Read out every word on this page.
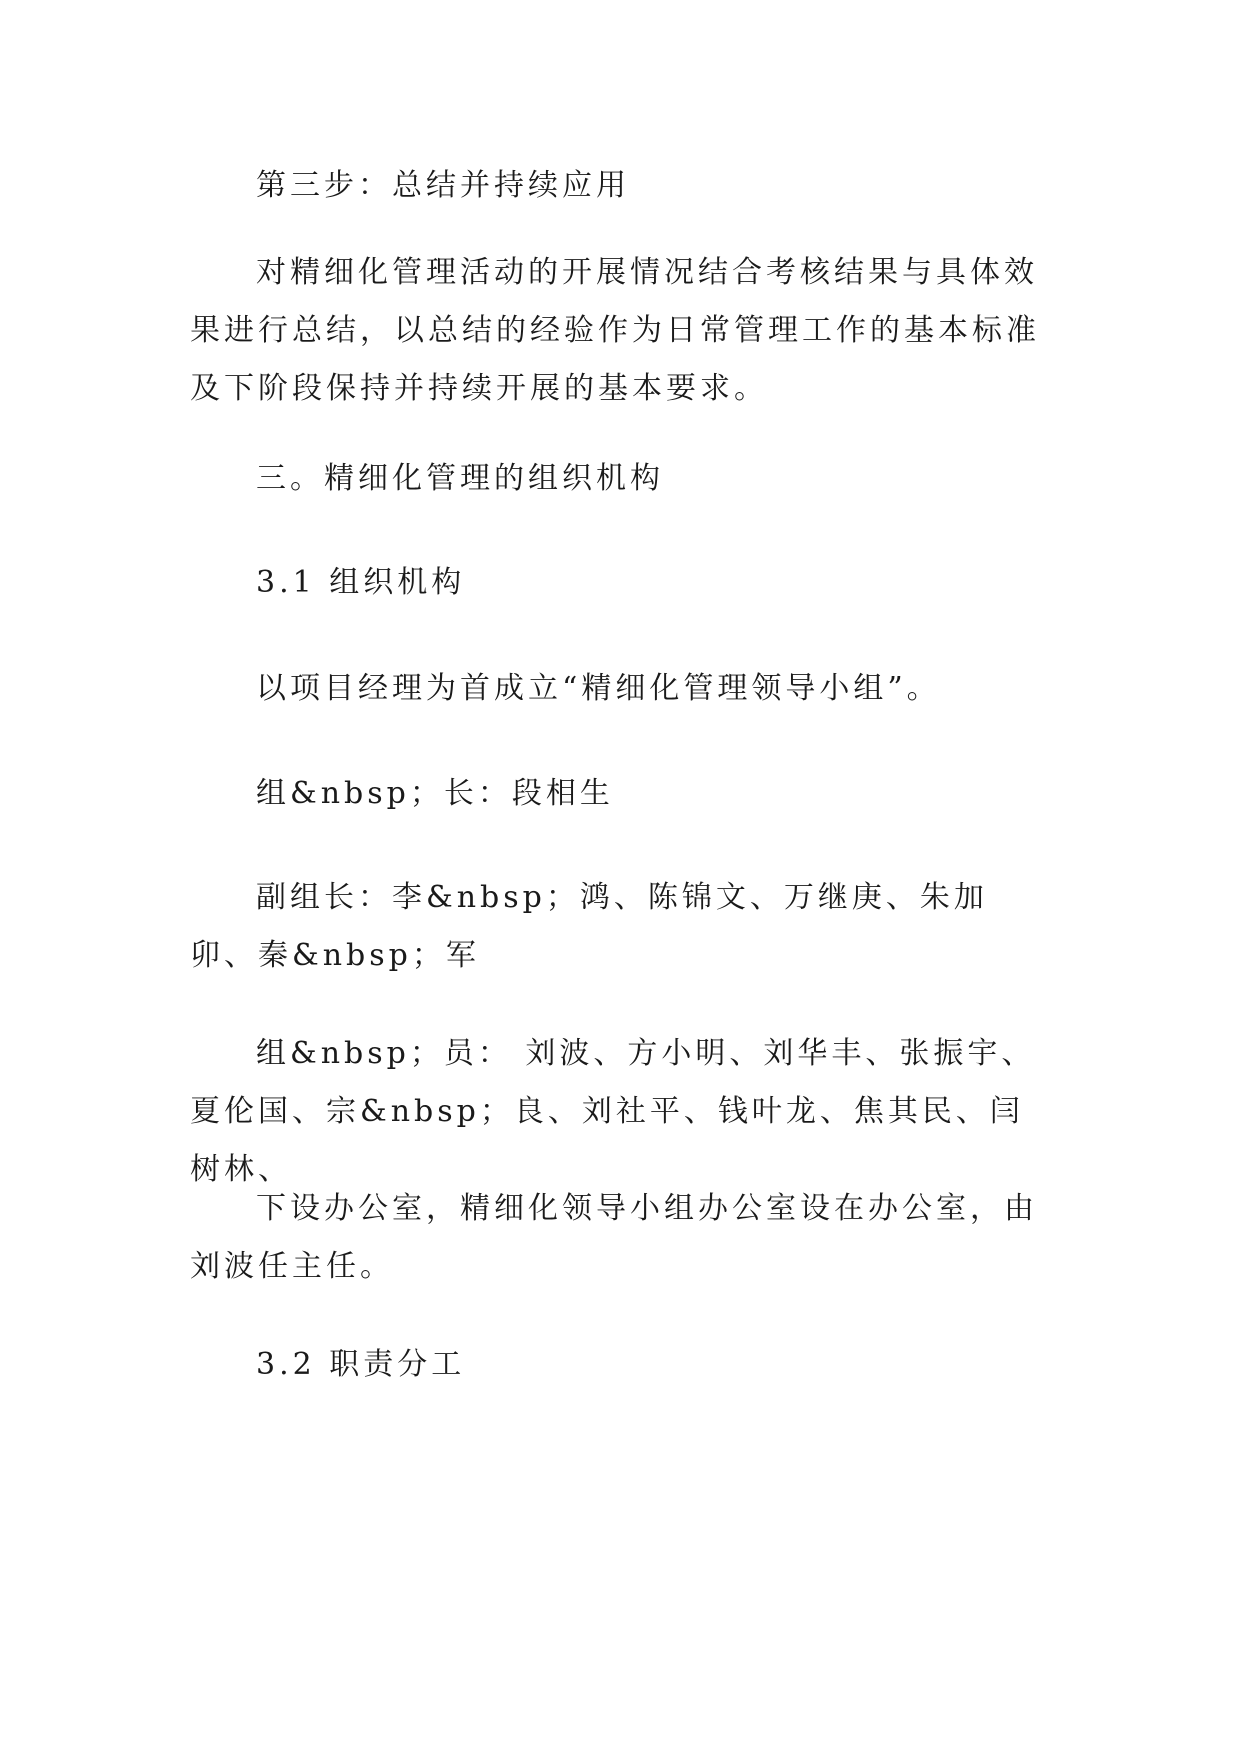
第三步：总结并持续应用

对精细化管理活动的开展情况结合考核结果与具体效果进行总结，以总结的经验作为日常管理工作的基本标准及下阶段保持并持续开展的基本要求。

三。精细化管理的组织机构

3.1 组织机构

以项目经理为首成立“精细化管理领导小组”。

组&nbsp；长：段相生

副组长：李&nbsp；鸿、陈锦文、万继庚、朱加卯、秦&nbsp；军

组&nbsp；员： 刘波、方小明、刘华丰、张振宇、夏伦国、宗&nbsp；良、刘社平、钱叶龙、焦其民、闫树林、

下设办公室，精细化领导小组办公室设在办公室，由刘波任主任。

3.2 职责分工
